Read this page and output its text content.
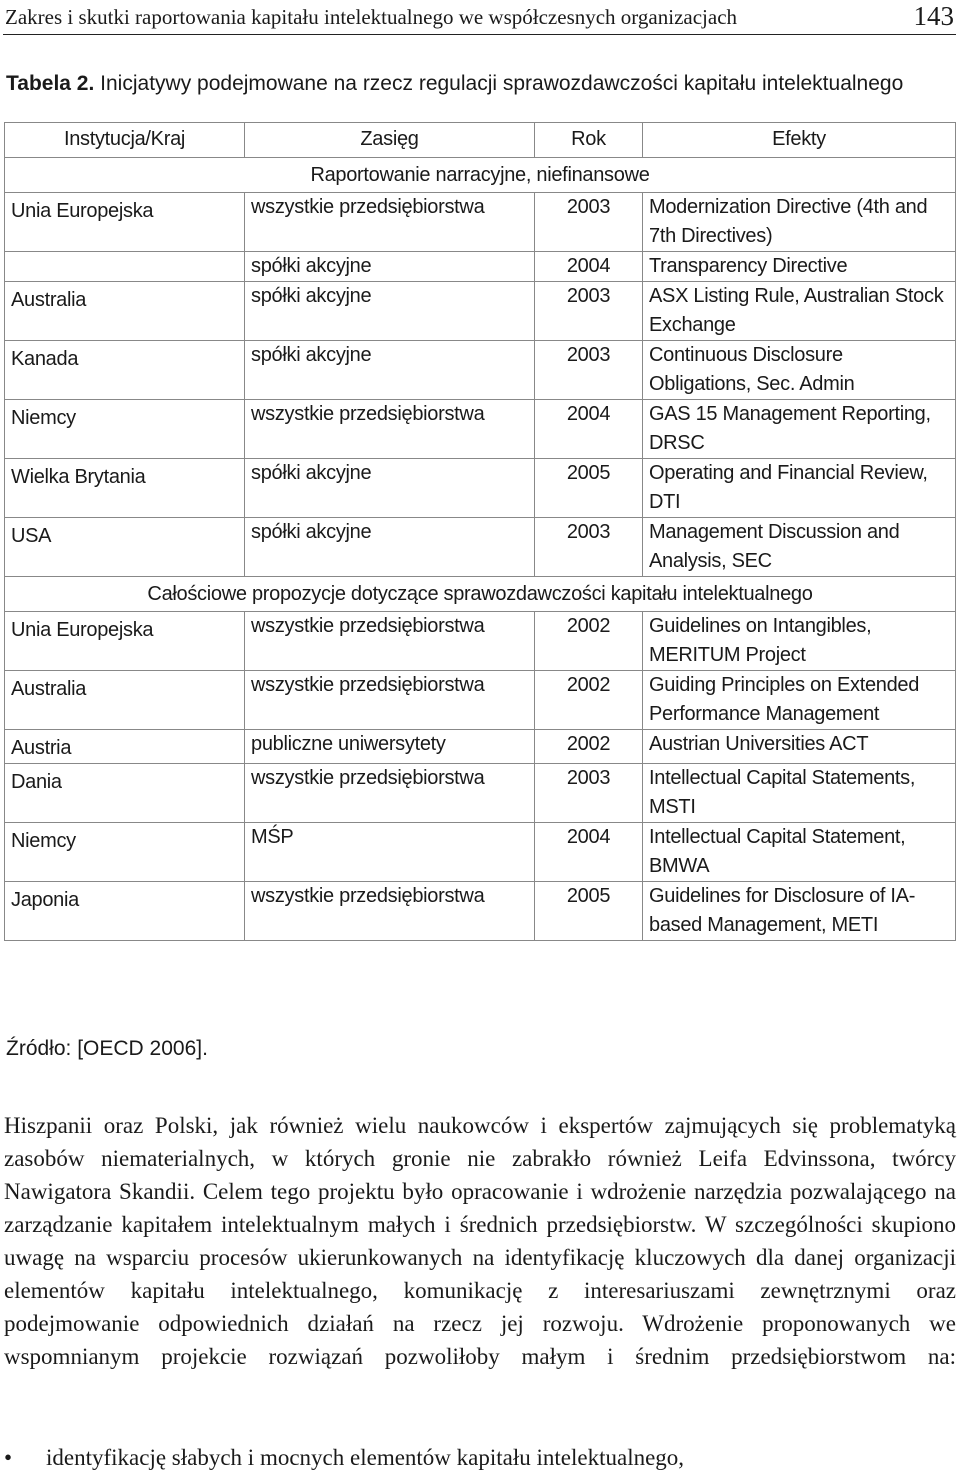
Zakres i skutki raportowania kapitału intelektualnego we współczesnych organizacjach	143
Tabela 2. Inicjatywy podejmowane na rzecz regulacji sprawozdawczości kapitału intelektualnego
Instytucja/Kraj	Zasięg	Rok	Efekty
Raportowanie narracyjne, niefinansowe			
Unia Europejska	wszystkie przedsiębiorstwa	2003	Modernization Directive (4th and 7th Directives)
	spółki akcyjne	2004	Transparency Directive
Australia	spółki akcyjne	2003	ASX Listing Rule, Australian Stock Exchange
Kanada	spółki akcyjne	2003	Continuous Disclosure Obligations, Sec. Admin
Niemcy	wszystkie przedsiębiorstwa	2004	GAS 15 Management Reporting, DRSC
Wielka Brytania	spółki akcyjne	2005	Operating and Financial Review, DTI
USA	spółki akcyjne	2003	Management Discussion and Analysis, SEC
Całościowe propozycje dotyczące sprawozdawczości kapitału intelektualnego			
Unia Europejska	wszystkie przedsiębiorstwa	2002	Guidelines on Intangibles, MERITUM Project
Australia	wszystkie przedsiębiorstwa	2002	Guiding Principles on Extended Performance Management
Austria	publiczne uniwersytety	2002	Austrian Universities ACT
Dania	wszystkie przedsiębiorstwa	2003	Intellectual Capital Statements, MSTI
Niemcy	MŚP	2004	Intellectual Capital Statement, BMWA
Japonia	wszystkie przedsiębiorstwa	2005	Guidelines for Disclosure of IA-based Management, METI
Źródło: [OECD 2006].

Hiszpanii oraz Polski, jak również wielu naukowców i ekspertów zajmujących się problematyką zasobów niematerialnych, w których gronie nie zabrakło również Leifa Edvinssona, twórcy Nawigatora Skandii. Celem tego projektu było opracowanie i wdrożenie narzędzia pozwalającego na zarządzanie kapitałem intelektualnym małych i średnich przedsiębiorstw. W szczególności skupiono uwagę na wsparciu procesów ukierunkowanych na identyfikację kluczowych dla danej organizacji elementów kapitału intelektualnego, komunikację z interesariuszami zewnętrznymi oraz podejmowanie odpowiednich działań na rzecz jej rozwoju. Wdrożenie proponowanych we wspomnianym projekcie rozwiązań pozwoliłoby małym i średnim przedsiębiorstwom na:

• identyfikację słabych i mocnych elementów kapitału intelektualnego,
